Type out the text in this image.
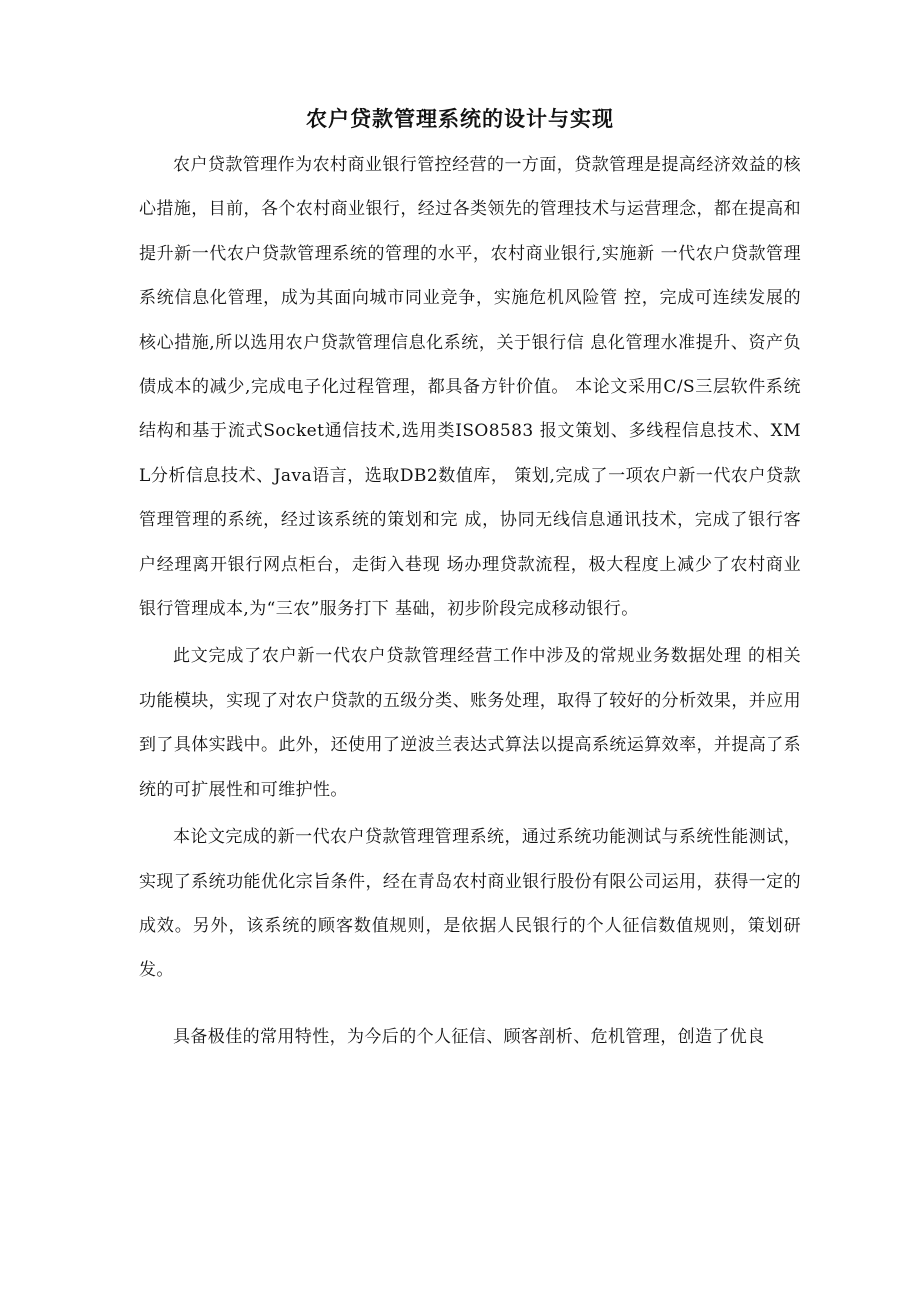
农户贷款管理系统的设计与实现

农户贷款管理作为农村商业银行管控经营的一方面，贷款管理是提高经济效益的核心措施，目前，各个农村商业银行，经过各类领先的管理技术与运营理念，都在提高和提升新一代农户贷款管理系统的管理的水平，农村商业银行,实施新 一代农户贷款管理系统信息化管理，成为其面向城市同业竞争，实施危机风险管 控，完成可连续发展的核心措施,所以选用农户贷款管理信息化系统，关于银行信 息化管理水准提升、资产负债成本的减少,完成电子化过程管理，都具备方针价值。 本论文采用C/S三层软件系统结构和基于流式Socket通信技术,选用类ISO8583 报文策划、多线程信息技术、XML分析信息技术、Java语言，选取DB2数值库， 策划,完成了一项农户新一代农户贷款管理管理的系统，经过该系统的策划和完 成，协同无线信息通讯技术，完成了银行客户经理离开银行网点柜台，走街入巷现 场办理贷款流程，极大程度上减少了农村商业银行管理成本,为“三农”服务打下 基础，初步阶段完成移动银行。

此文完成了农户新一代农户贷款管理经营工作中涉及的常规业务数据处理 的相关功能模块，实现了对农户贷款的五级分类、账务处理，取得了较好的分析效果，并应用到了具体实践中。此外，还使用了逆波兰表达式算法以提高系统运算效率，并提高了系统的可扩展性和可维护性。

本论文完成的新一代农户贷款管理管理系统，通过系统功能测试与系统性能测试，实现了系统功能优化宗旨条件，经在青岛农村商业银行股份有限公司运用，获得一定的成效。另外，该系统的顾客数值规则，是依据人民银行的个人征信数值规则，策划研发。

具备极佳的常用特性，为今后的个人征信、顾客剖析、危机管理，创造了优良
